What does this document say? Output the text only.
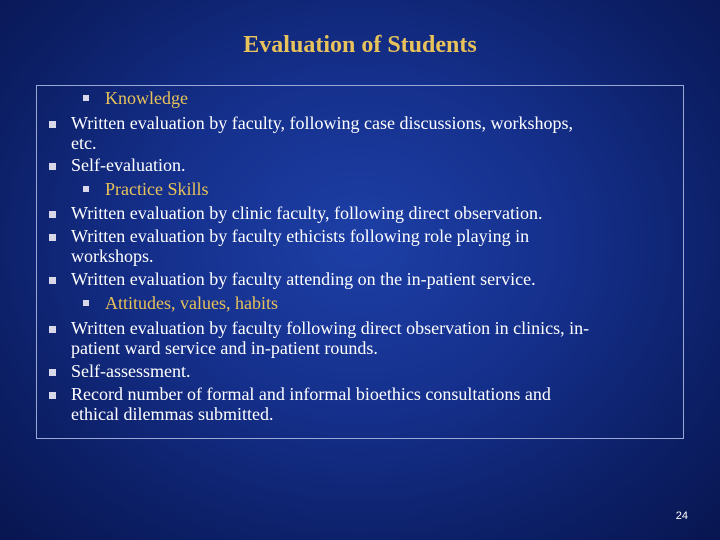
Evaluation of Students
Knowledge
Written evaluation by faculty, following case discussions, workshops,
etc.
Self-evaluation.
Practice Skills
Written evaluation by clinic faculty, following direct observation.
Written evaluation by faculty ethicists following role playing in
workshops.
Written evaluation by faculty attending on the in-patient service.
Attitudes, values, habits
Written evaluation by faculty following direct observation in clinics, in-
patient ward service and in-patient rounds.
Self-assessment.
Record number of formal and informal bioethics consultations and
ethical dilemmas submitted.
24
